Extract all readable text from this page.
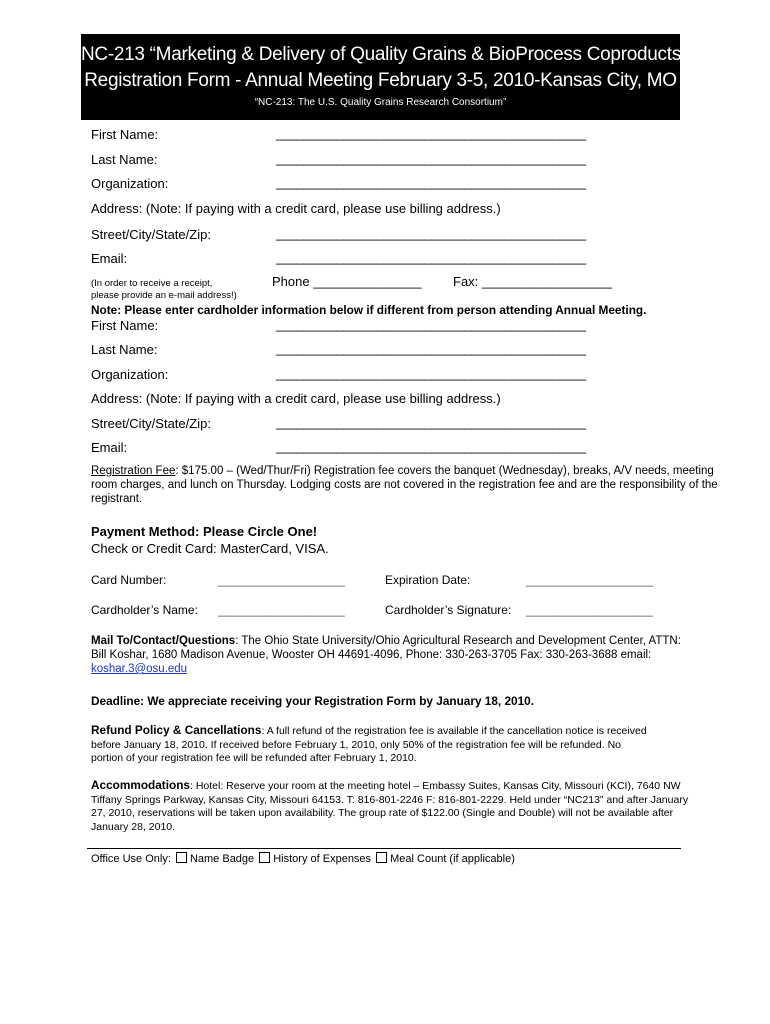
NC-213 “Marketing & Delivery of Quality Grains & BioProcess Coproducts”
Registration Form - Annual Meeting February 3-5, 2010-Kansas City, MO
“NC-213: The U.S. Quality Grains Research Consortium”
First Name:	______________________________________________
Last Name:	______________________________________________
Organization:	______________________________________________
Address: (Note: If paying with a credit card, please use billing address.)
Street/City/State/Zip:	______________________________________________
Email:	______________________________________________
(In order to receive a receipt,
please provide an e-mail address!)
Phone _______________ Fax: __________________
Note: Please enter cardholder information below if different from person attending Annual Meeting.
First Name:	______________________________________________
Last Name:	______________________________________________
Organization:	______________________________________________
Address: (Note: If paying with a credit card, please use billing address.)
Street/City/State/Zip:	______________________________________________
Email:	______________________________________________
Registration Fee: $175.00 – (Wed/Thur/Fri) Registration fee covers the banquet (Wednesday), breaks, A/V needs, meeting room charges, and lunch on Thursday. Lodging costs are not covered in the registration fee and are the responsibility of the registrant.
Payment Method: Please Circle One!
Check or Credit Card: MasterCard, VISA.
Card Number:	___________________	Expiration Date:	___________________
Cardholder’s Name: ___________________	Cardholder’s Signature: ___________________
Mail To/Contact/Questions: The Ohio State University/Ohio Agricultural Research and Development Center, ATTN: Bill Koshar, 1680 Madison Avenue, Wooster OH 44691-4096, Phone: 330-263-3705 Fax: 330-263-3688 email: koshar.3@osu.edu
Deadline: We appreciate receiving your Registration Form by January 18, 2010.
Refund Policy & Cancellations: A full refund of the registration fee is available if the cancellation notice is received before January 18, 2010. If received before February 1, 2010, only 50% of the registration fee will be refunded. No portion of your registration fee will be refunded after February 1, 2010.
Accommodations: Hotel: Reserve your room at the meeting hotel – Embassy Suites, Kansas City, Missouri (KCI), 7640 NW Tiffany Springs Parkway, Kansas City, Missouri 64153. T: 816-801-2246 F: 816-801-2229. Held under “NC213” and after January 27, 2010, reservations will be taken upon availability. The group rate of $122.00 (Single and Double) will not be available after January 28, 2010.
Office Use Only: Name Badge History of Expenses Meal Count (if applicable)
